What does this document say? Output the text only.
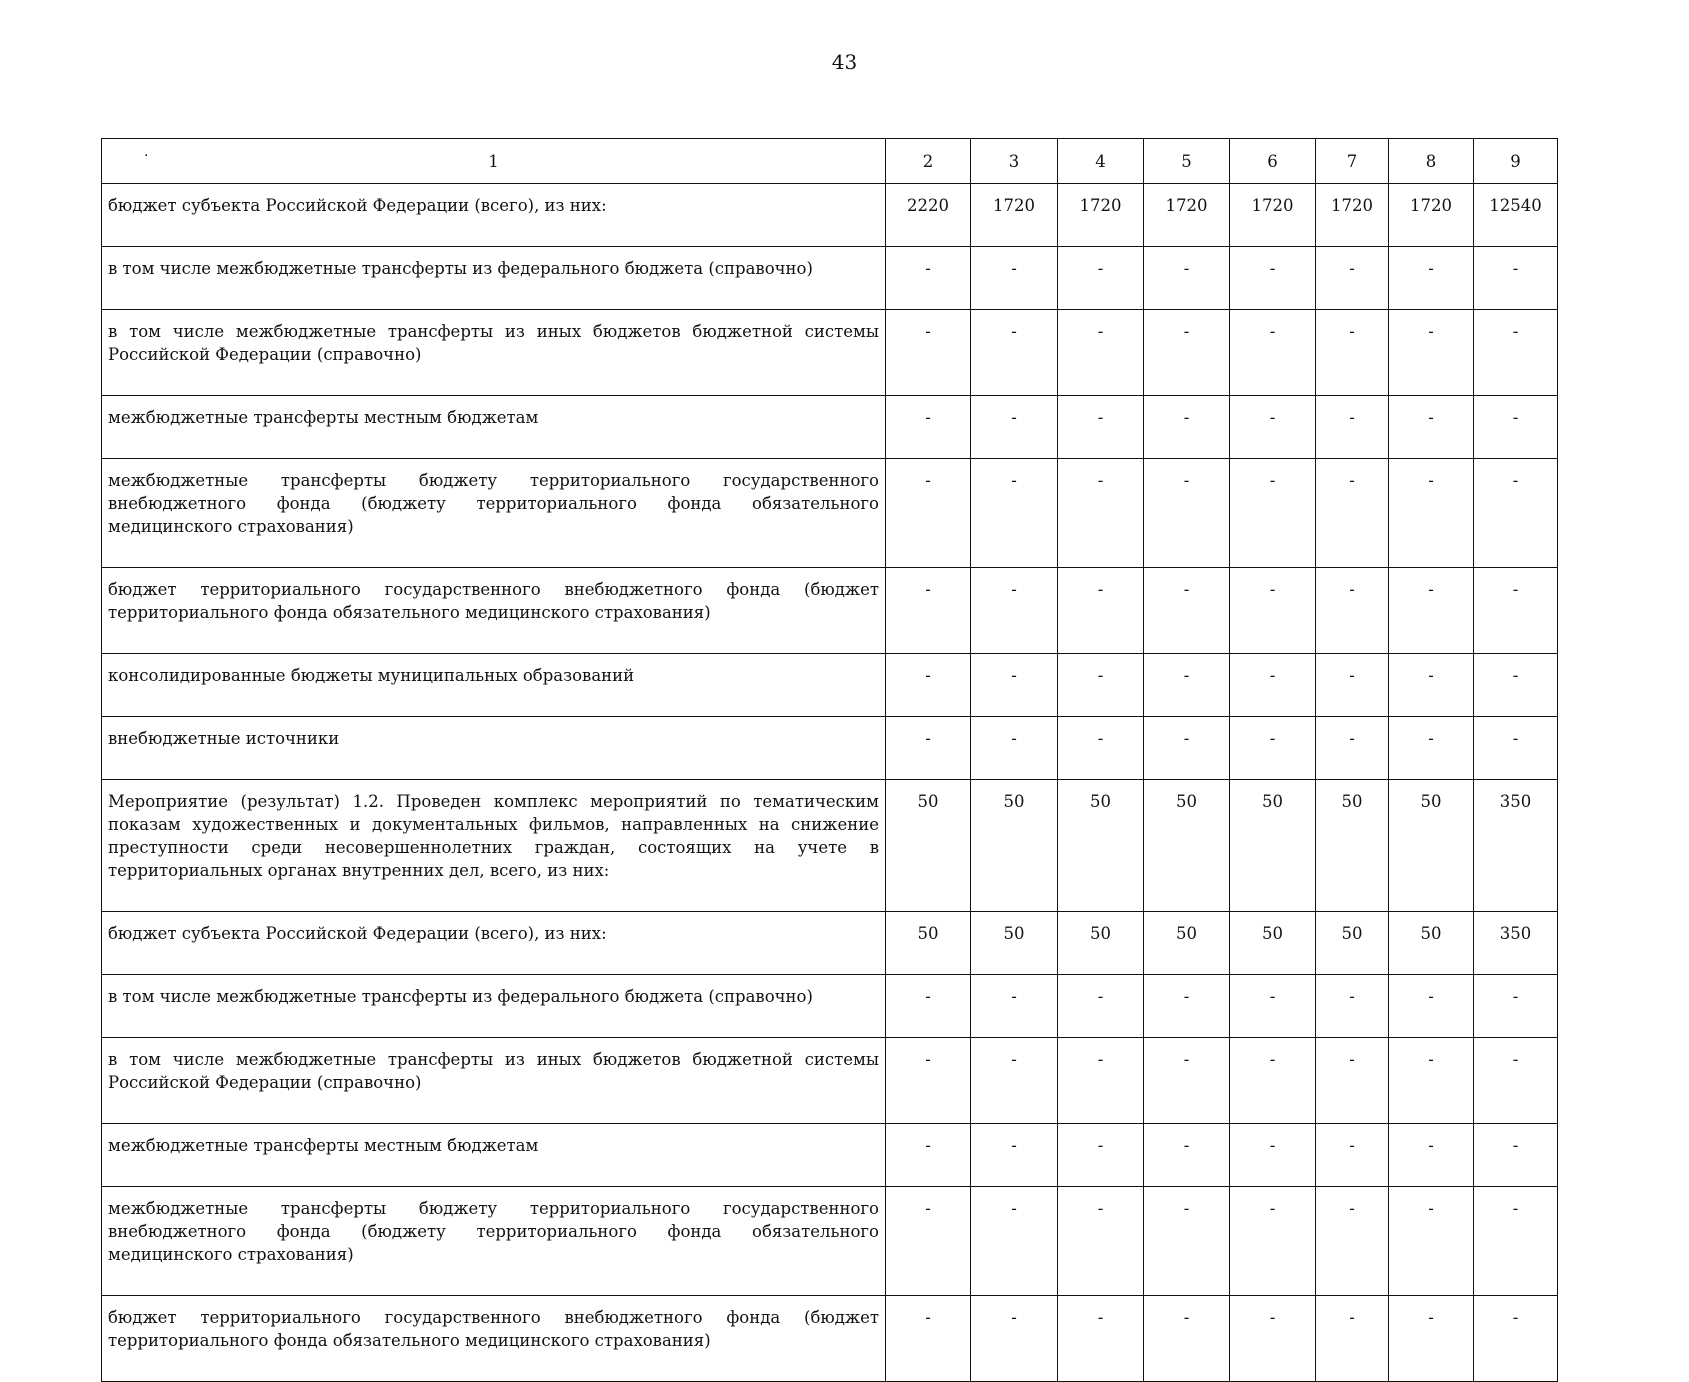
43
· 1	2	3	4	5	6	7	8	9
бюджет субъекта Российской Федерации (всего), из них:	2220	1720	1720	1720	1720	1720	1720	12540
в том числе межбюджетные трансферты из федерального бюджета (справочно)	-	-	-	-	-	-	-	-
в том числе межбюджетные трансферты из иных бюджетов бюджетной системы Российской Федерации (справочно)	-	-	-	-	-	-	-	-
межбюджетные трансферты местным бюджетам	-	-	-	-	-	-	-	-
межбюджетные трансферты бюджету территориального государственного внебюджетного фонда (бюджету территориального фонда обязательного медицинского страхования)	-	-	-	-	-	-	-	-
бюджет территориального государственного внебюджетного фонда (бюджет территориального фонда обязательного медицинского страхования)	-	-	-	-	-	-	-	-
консолидированные бюджеты муниципальных образований	-	-	-	-	-	-	-	-
внебюджетные источники	-	-	-	-	-	-	-	-
Мероприятие (результат) 1.2. Проведен комплекс мероприятий по тематическим показам художественных и документальных фильмов, направленных на снижение преступности среди несовершеннолетних граждан, состоящих на учете в территориальных органах внутренних дел, всего, из них:	50	50	50	50	50	50	50	350
бюджет субъекта Российской Федерации (всего), из них:	50	50	50	50	50	50	50	350
в том числе межбюджетные трансферты из федерального бюджета (справочно)	-	-	-	-	-	-	-	-
в том числе межбюджетные трансферты из иных бюджетов бюджетной системы Российской Федерации (справочно)	-	-	-	-	-	-	-	-
межбюджетные трансферты местным бюджетам	-	-	-	-	-	-	-	-
межбюджетные трансферты бюджету территориального государственного внебюджетного фонда (бюджету территориального фонда обязательного медицинского страхования)	-	-	-	-	-	-	-	-
бюджет территориального государственного внебюджетного фонда (бюджет территориального фонда обязательного медицинского страхования)	-	-	-	-	-	-	-	-
